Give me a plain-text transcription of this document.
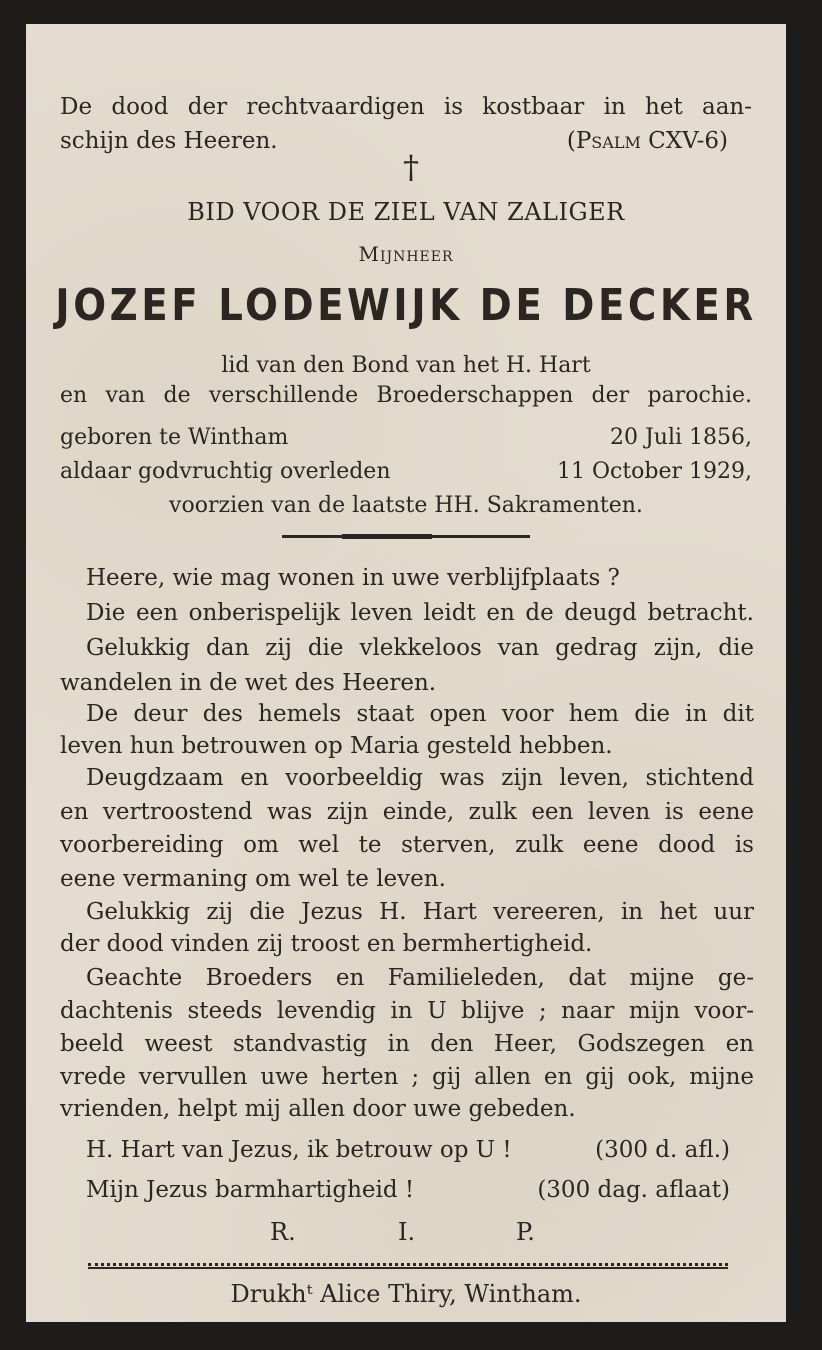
De dood der rechtvaardigen is kostbaar in het aan-
schijn des Heeren.	(Psalm CXV-6)
†
BID VOOR DE ZIEL VAN ZALIGER
Mijnheer
JOZEF LODEWIJK DE DECKER
lid van den Bond van het H. Hart
en van de verschillende Broederschappen der parochie.
geboren te Wintham	20 Juli 1856,
aldaar godvruchtig overleden	11 October 1929,
voorzien van de laatste HH. Sakramenten.
Heere, wie mag wonen in uwe verblijfplaats ?
Die een onberispelijk leven leidt en de deugd betracht.
Gelukkig dan zij die vlekkeloos van gedrag zijn, die
wandelen in de wet des Heeren.
De deur des hemels staat open voor hem die in dit
leven hun betrouwen op Maria gesteld hebben.
Deugdzaam en voorbeeldig was zijn leven, stichtend
en vertroostend was zijn einde, zulk een leven is eene
voorbereiding om wel te sterven, zulk eene dood is
eene vermaning om wel te leven.
Gelukkig zij die Jezus H. Hart vereeren, in het uur
der dood vinden zij troost en bermhertigheid.
Geachte Broeders en Familieleden, dat mijne ge-
dachtenis steeds levendig in U blijve ; naar mijn voor-
beeld weest standvastig in den Heer, Godszegen en
vrede vervullen uwe herten ; gij allen en gij ook, mijne
vrienden, helpt mij allen door uwe gebeden.
H. Hart van Jezus, ik betrouw op U !	(300 d. afl.)
Mijn Jezus barmhartigheid !	(300 dag. aflaat)
R.	I.	P.
Drukhᵗ Alice Thiry, Wintham.
